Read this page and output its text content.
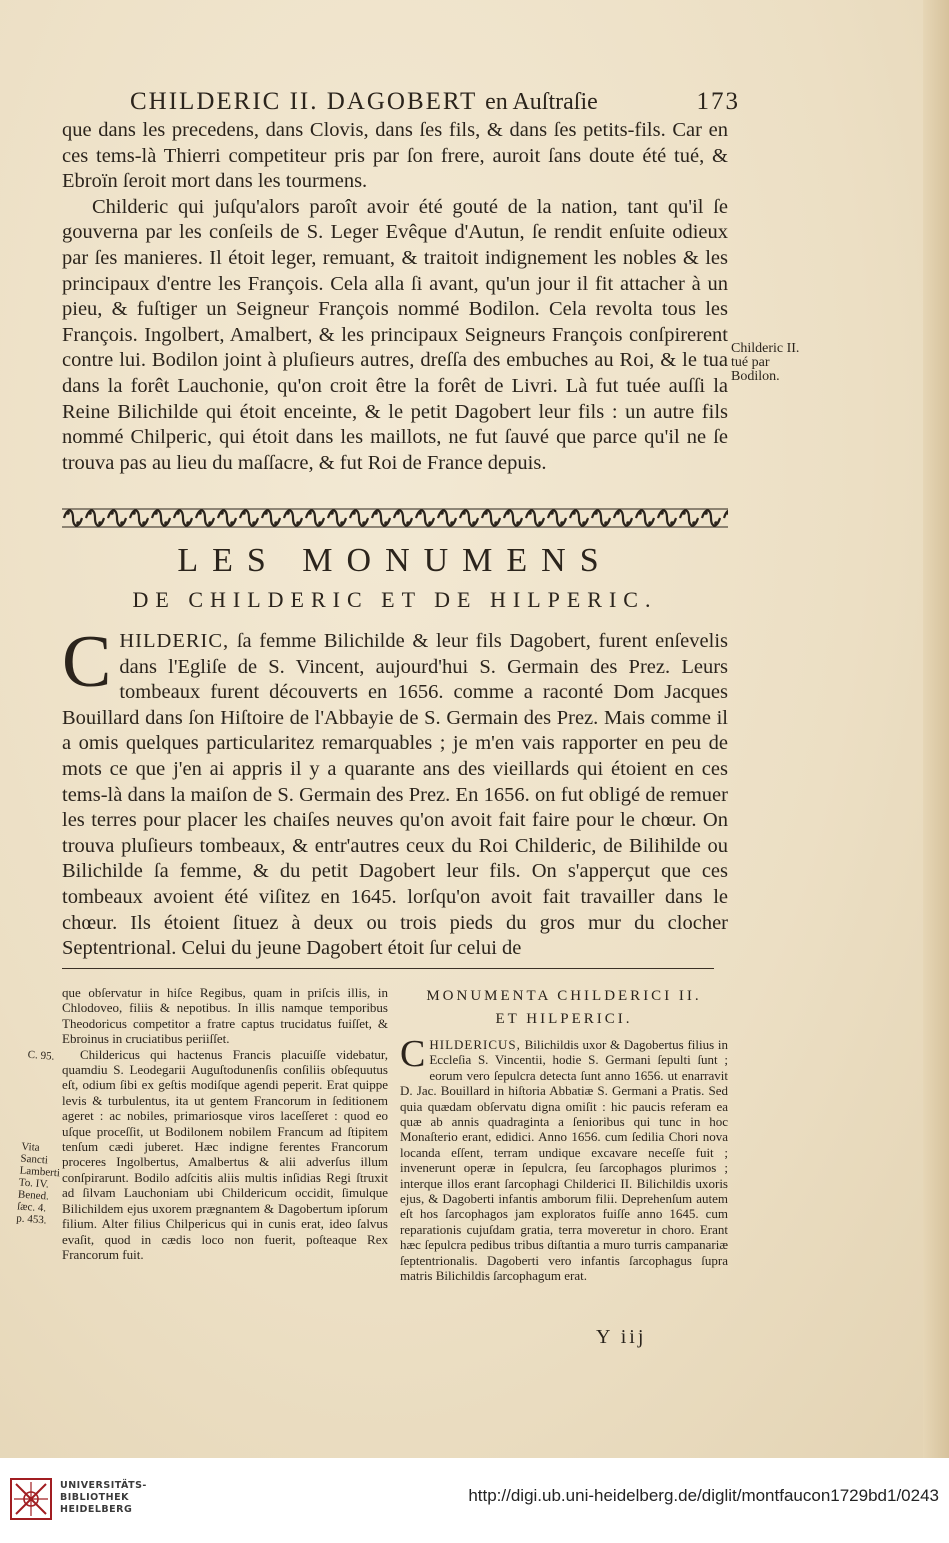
CHILDERIC II. DAGOBERT en Auſtraſie	173

que dans les precedens, dans Clovis, dans ſes fils, & dans ſes petits-fils. Car en ces tems-là Thierri competiteur pris par ſon frere, auroit ſans doute été tué, & Ebroïn ſeroit mort dans les tourmens.

Childeric qui juſqu'alors paroît avoir été gouté de la nation, tant qu'il ſe gouverna par les conſeils de S. Leger Evêque d'Autun, ſe rendit enſuite odieux par ſes manieres. Il étoit leger, remuant, & traitoit indignement les nobles & les principaux d'entre les François. Cela alla ſi avant, qu'un jour il fit attacher à un pieu, & fuſtiger un Seigneur François nommé Bodilon. Cela revolta tous les François. Ingolbert, Amalbert, & les principaux Seigneurs François conſpirerent contre lui. Bodilon joint à pluſieurs autres, dreſſa des embuches au Roi, & le tua dans la forêt Lauchonie, qu'on croit être la forêt de Livri. Là fut tuée auſſi la Reine Bilichilde qui étoit enceinte, & le petit Dagobert leur fils : un autre fils nommé Chilperic, qui étoit dans les maillots, ne fut ſauvé que parce qu'il ne ſe trouva pas au lieu du maſſacre, & fut Roi de France depuis.

Childeric II. tué par Bodilon.
LES MONUMENS
DE CHILDERIC ET DE HILPERIC.

C HILDERIC, ſa femme Bilichilde & leur fils Dagobert, furent enſevelis dans l'Egliſe de S. Vincent, aujourd'hui S. Germain des Prez. Leurs tombeaux furent découverts en 1656. comme a raconté Dom Jacques Bouillard dans ſon Hiſtoire de l'Abbayie de S. Germain des Prez. Mais comme il a omis quelques particularitez remarquables ; je m'en vais rapporter en peu de mots ce que j'en ai appris il y a quarante ans des vieillards qui étoient en ces tems-là dans la maiſon de S. Germain des Prez. En 1656. on fut obligé de remuer les terres pour placer les chaiſes neuves qu'on avoit fait faire pour le chœur. On trouva pluſieurs tombeaux, & entr'autres ceux du Roi Childeric, de Bilihilde ou Bilichilde ſa femme, & du petit Dagobert leur fils. On s'apperçut que ces tombeaux avoient été viſitez en 1645. lorſqu'on avoit fait travailler dans le chœur. Ils étoient ſituez à deux ou trois pieds du gros mur du clocher Septentrional. Celui du jeune Dagobert étoit ſur celui de

C. 95.
Vita Sancti Lamberti To. IV. Bened. ſæc. 4. p. 453.

que obſervatur in hiſce Regibus, quam in priſcis illis, in Chlodoveo, filiis & nepotibus. In illis namque temporibus Theodoricus competitor a fratre captus trucidatus fuiſſet, & Ebroinus in cruciatibus periiſſet.

Childericus qui hactenus Francis placuiſſe videbatur, quamdiu S. Leodegarii Auguſtodunenſis conſiliis obſequutus eſt, odium ſibi ex geſtis modiſque agendi peperit. Erat quippe levis & turbulentus, ita ut gentem Francorum in ſeditionem ageret : ac nobiles, primariosque viros laceſſeret : quod eo uſque proceſſit, ut Bodilonem nobilem Francum ad ſtipitem tenſum cædi juberet. Hæc indigne ferentes Francorum proceres Ingolbertus, Amalbertus & alii adverſus illum conſpirarunt. Bodilo adſcitis aliis multis inſidias Regi ſtruxit ad ſilvam Lauchoniam ubi Childericum occidit, ſimulque Bilichildem ejus uxorem prægnantem & Dagobertum ipſorum filium. Alter filius Chilpericus qui in cunis erat, ideo ſalvus evaſit, quod in cædis loco non fuerit, poſteaque Rex Francorum fuit.

MONUMENTA CHILDERICI II.
ET HILPERICI.

C HILDERICUS, Bilichildis uxor & Dagobertus filius in Eccleſia S. Vincentii, hodie S. Germani ſepulti ſunt ; eorum vero ſepulcra detecta ſunt anno 1656. ut enarravit D. Jac. Bouillard in hiſtoria Abbatiæ S. Germani a Pratis. Sed quia quædam obſervatu digna omiſit : hic paucis referam ea quæ ab annis quadraginta a ſenioribus qui tunc in hoc Monaſterio erant, edidici. Anno 1656. cum ſedilia Chori nova locanda eſſent, terram undique excavare neceſſe fuit ; invenerunt operæ in ſepulcra, ſeu ſarcophagos plurimos ; interque illos erant ſarcophagi Childerici II. Bilichildis uxoris ejus, & Dagoberti infantis amborum filii. Deprehenſum autem eſt hos ſarcophagos jam exploratos fuiſſe anno 1645. cum reparationis cujuſdam gratia, terra moveretur in choro. Erant hæc ſepulcra pedibus tribus diſtantia a muro turris campanariæ ſeptentrionalis. Dagoberti vero infantis ſarcophagus ſupra matris Bilichildis ſarcophagum erat.

Y iij
UNIVERSITÄTS-
BIBLIOTHEK
HEIDELBERG
http://digi.ub.uni-heidelberg.de/diglit/montfaucon1729bd1/0243
